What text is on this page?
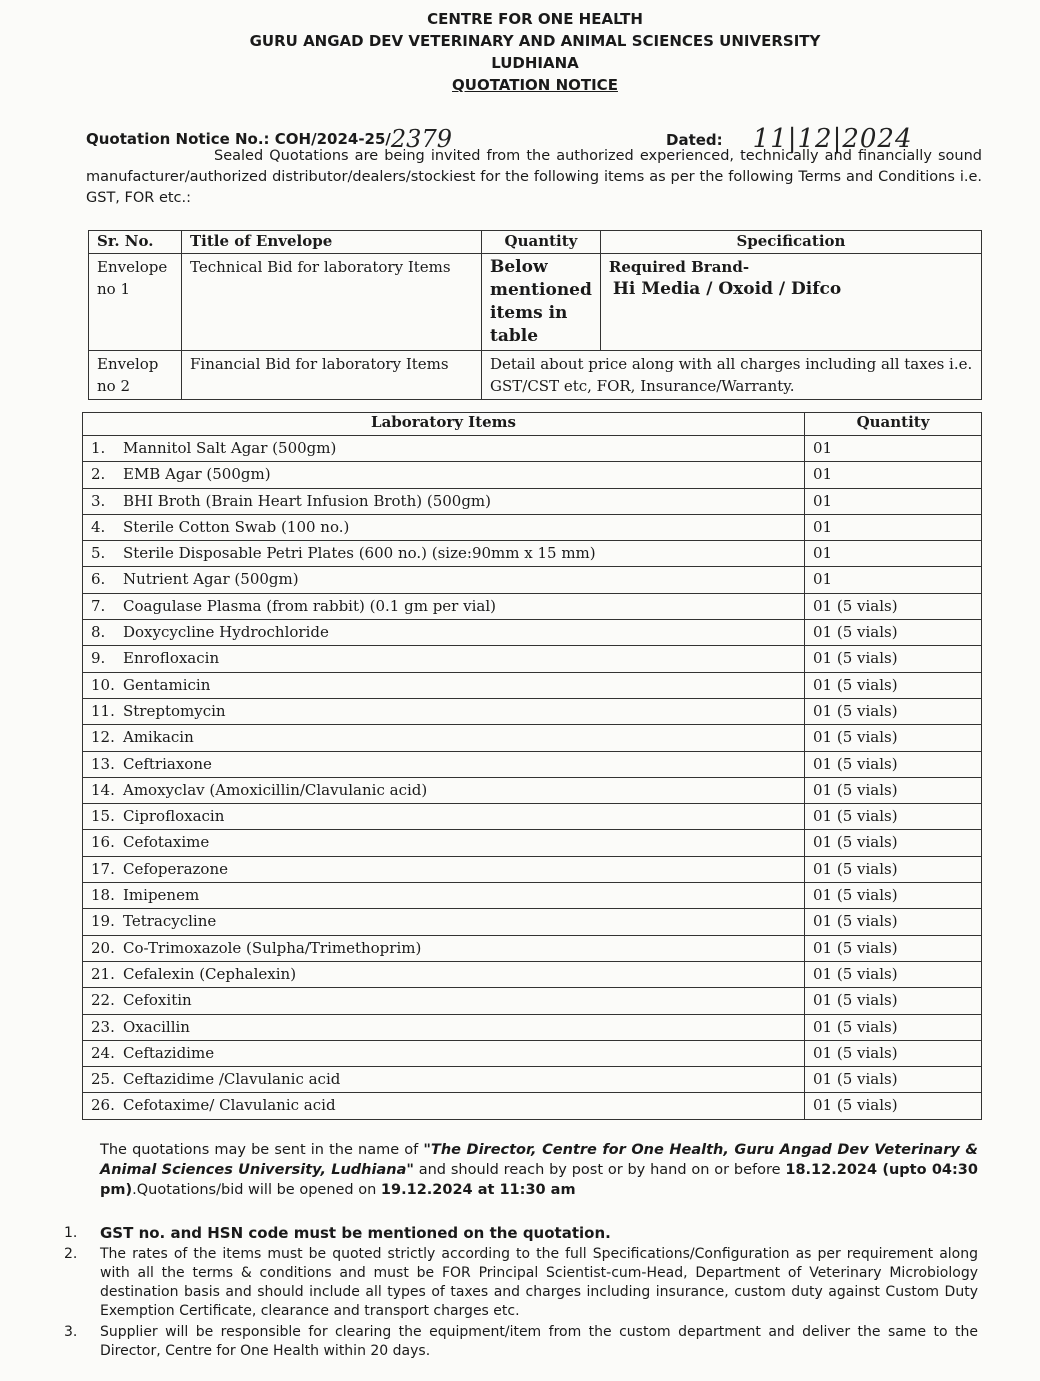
CENTRE FOR ONE HEALTH
GURU ANGAD DEV VETERINARY AND ANIMAL SCIENCES UNIVERSITY
LUDHIANA
QUOTATION NOTICE
Quotation Notice No.: COH/2024-25/2379	Dated: 11|12|2024
Sealed Quotations are being invited from the authorized experienced, technically and financially sound manufacturer/authorized distributor/dealers/stockiest for the following items as per the following Terms and Conditions i.e. GST, FOR etc.:
Sr. No.	Title of Envelope	Quantity	Specification
Envelope no 1	Technical Bid for laboratory Items	Below mentioned items in table	Required Brand-
Hi Media / Oxoid / Difco

Envelop no 2	Financial Bid for laboratory Items	Detail about price along with all charges including all taxes i.e. GST/CST etc, FOR, Insurance/Warranty.	
Laboratory Items	Quantity
1. Mannitol Salt Agar (500gm)	01
2. EMB Agar (500gm)	01
3. BHI Broth (Brain Heart Infusion Broth) (500gm)	01
4. Sterile Cotton Swab (100 no.)	01
5. Sterile Disposable Petri Plates (600 no.) (size:90mm x 15 mm)	01
6. Nutrient Agar (500gm)	01
7. Coagulase Plasma (from rabbit) (0.1 gm per vial)	01 (5 vials)
8. Doxycycline Hydrochloride	01 (5 vials)
9. Enrofloxacin	01 (5 vials)
10. Gentamicin	01 (5 vials)
11. Streptomycin	01 (5 vials)
12. Amikacin	01 (5 vials)
13. Ceftriaxone	01 (5 vials)
14. Amoxyclav (Amoxicillin/Clavulanic acid)	01 (5 vials)
15. Ciprofloxacin	01 (5 vials)
16. Cefotaxime	01 (5 vials)
17. Cefoperazone	01 (5 vials)
18. Imipenem	01 (5 vials)
19. Tetracycline	01 (5 vials)
20. Co-Trimoxazole (Sulpha/Trimethoprim)	01 (5 vials)
21. Cefalexin (Cephalexin)	01 (5 vials)
22. Cefoxitin	01 (5 vials)
23. Oxacillin	01 (5 vials)
24. Ceftazidime	01 (5 vials)
25. Ceftazidime /Clavulanic acid	01 (5 vials)
26. Cefotaxime/ Clavulanic acid	01 (5 vials)
The quotations may be sent in the name of "The Director, Centre for One Health, Guru Angad Dev Veterinary & Animal Sciences University, Ludhiana" and should reach by post or by hand on or before 18.12.2024 (upto 04:30 pm).Quotations/bid will be opened on 19.12.2024 at 11:30 am
1.	GST no. and HSN code must be mentioned on the quotation.
2.	The rates of the items must be quoted strictly according to the full Specifications/Configuration as per requirement along with all the terms & conditions and must be FOR Principal Scientist-cum-Head, Department of Veterinary Microbiology destination basis and should include all types of taxes and charges including insurance, custom duty against Custom Duty Exemption Certificate, clearance and transport charges etc.
3.	Supplier will be responsible for clearing the equipment/item from the custom department and deliver the same to the Director, Centre for One Health within 20 days.
